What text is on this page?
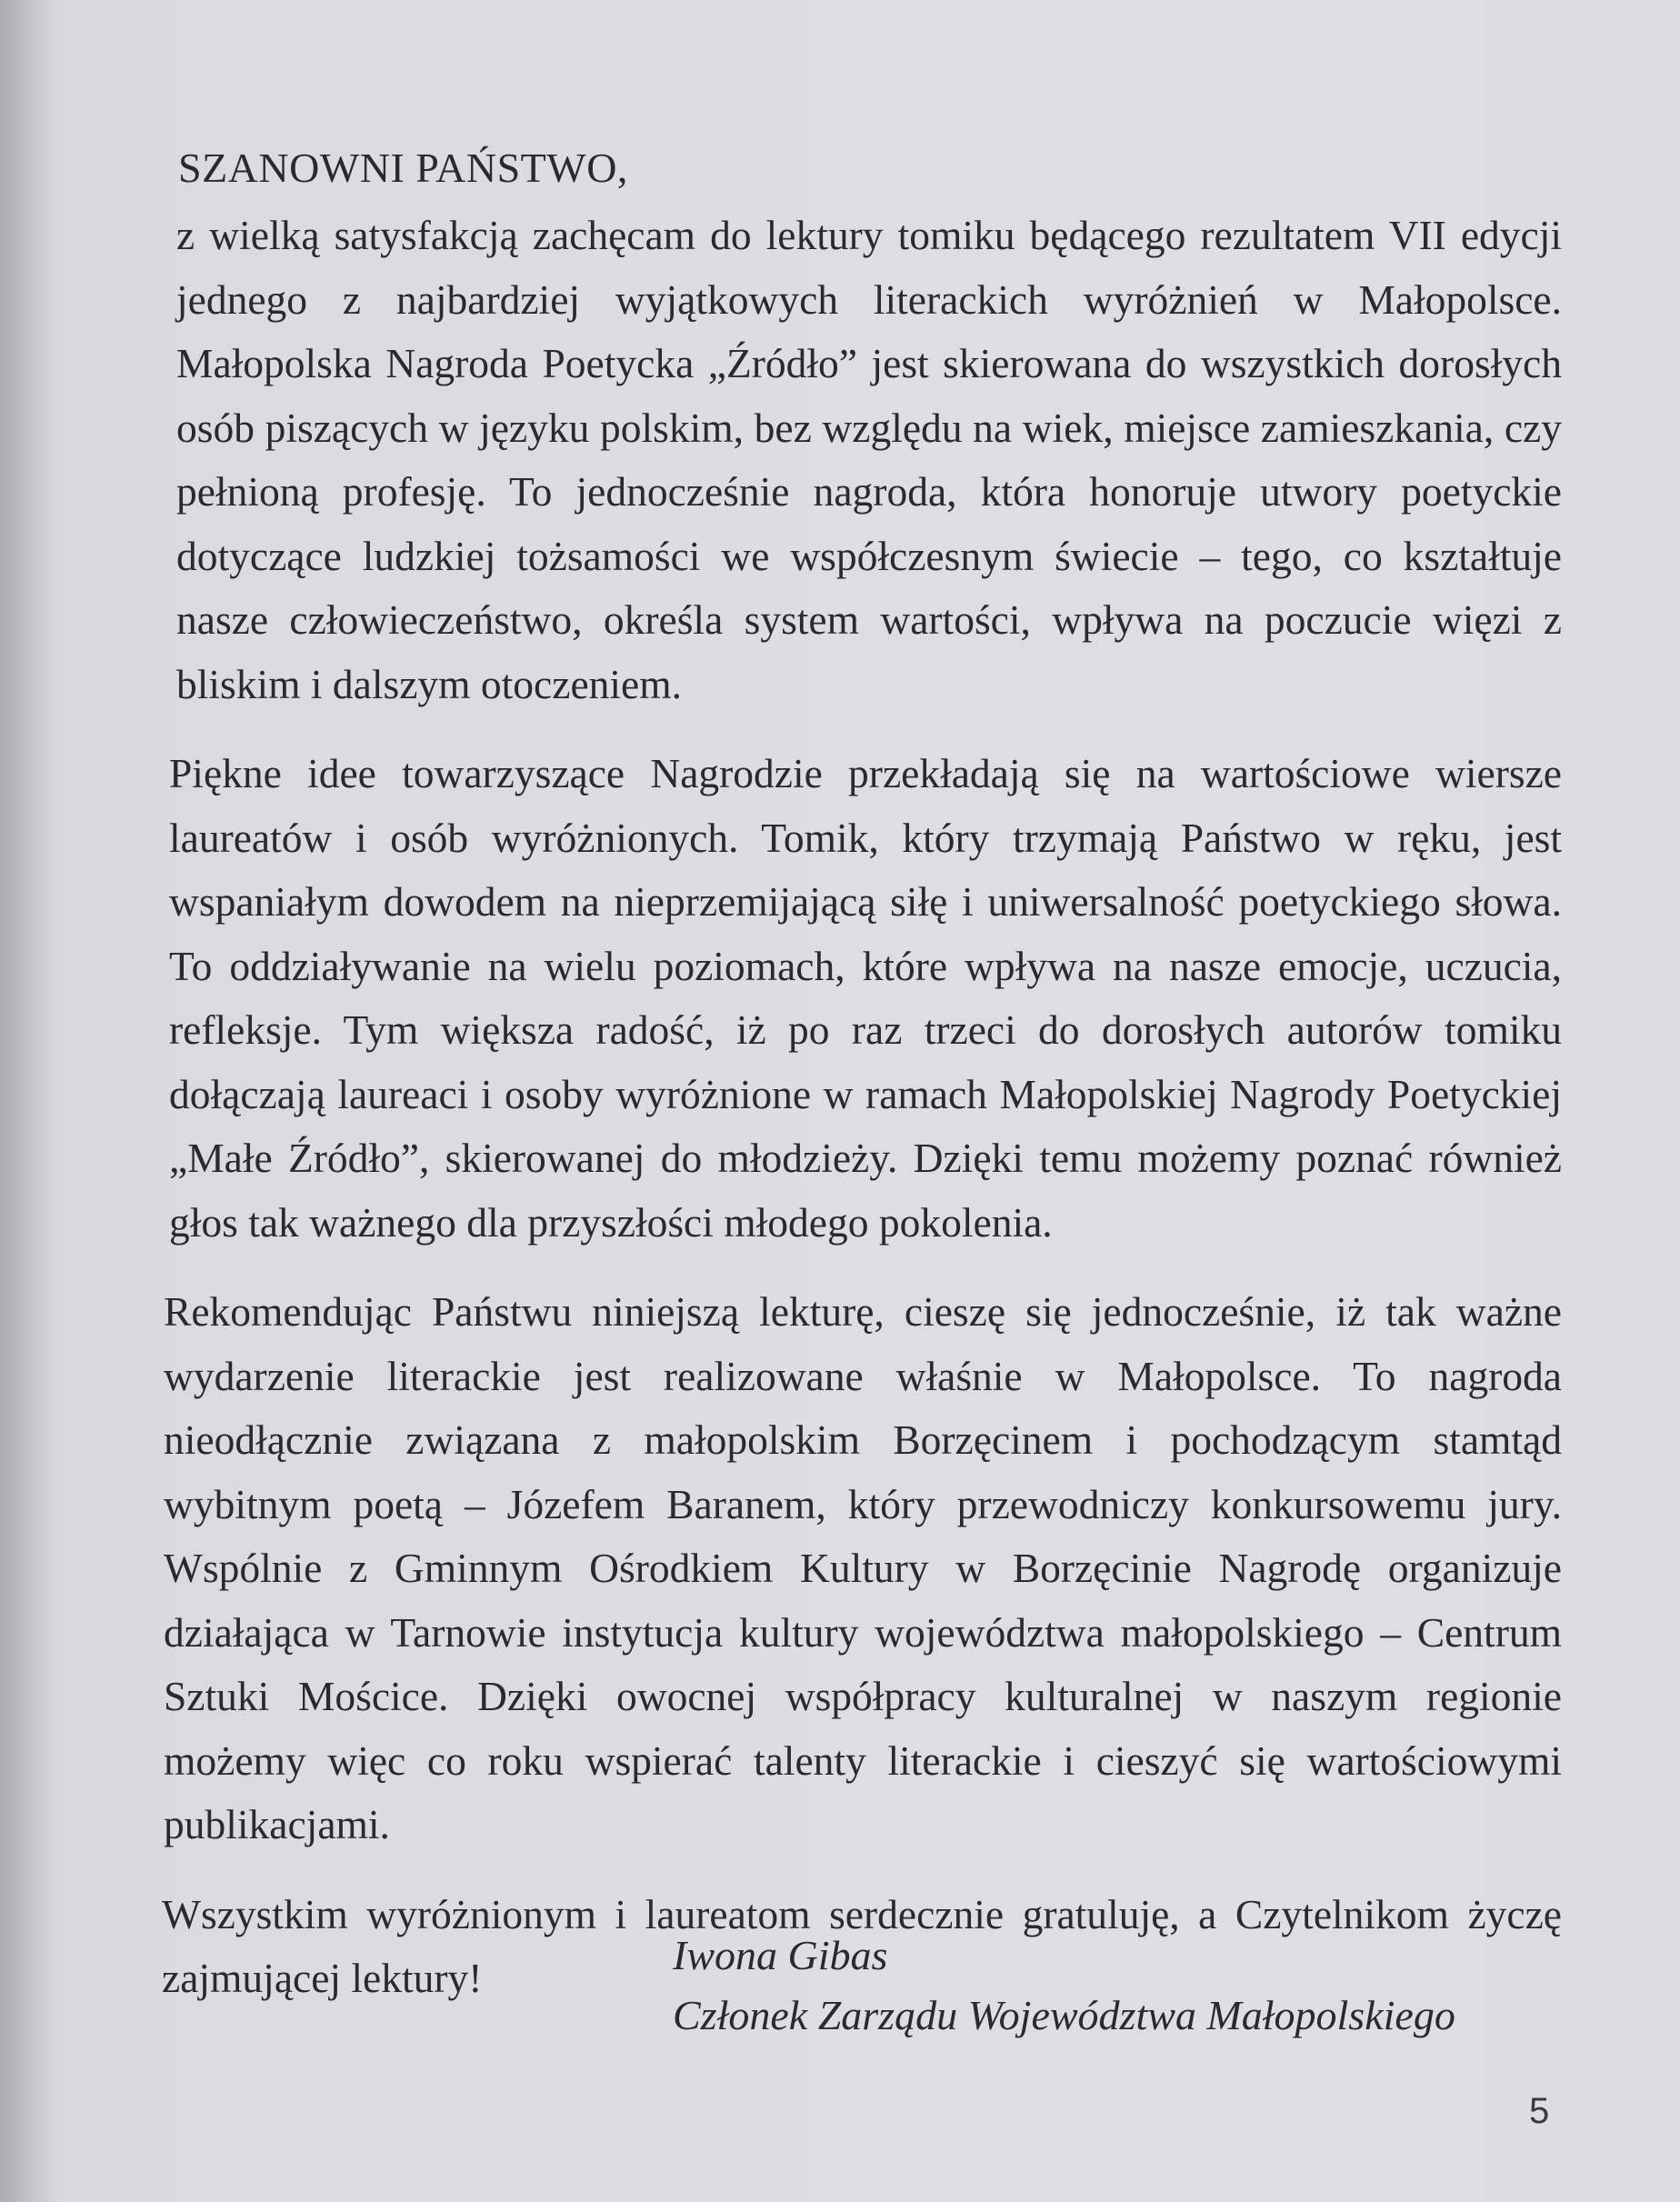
SZANOWNI PAŃSTWO,

z wielką satysfakcją zachęcam do lektury tomiku będącego rezultatem VII edycji jednego z najbardziej wyjątkowych literackich wyróżnień w Małopolsce. Małopolska Nagroda Poetycka „Źródło” jest skierowana do wszystkich dorosłych osób piszących w języku polskim, bez względu na wiek, miejsce zamieszkania, czy pełnioną profesję. To jednocześnie nagroda, która honoruje utwory poetyckie dotyczące ludzkiej tożsamości we współczesnym świecie – tego, co kształtuje nasze człowieczeństwo, określa system wartości, wpływa na poczucie więzi z bliskim i dalszym otoczeniem.

Piękne idee towarzyszące Nagrodzie przekładają się na wartościowe wiersze laureatów i osób wyróżnionych. Tomik, który trzymają Państwo w ręku, jest wspaniałym dowodem na nieprzemijającą siłę i uniwersalność poetyckiego słowa. To oddziaływanie na wielu poziomach, które wpływa na nasze emocje, uczucia, refleksje. Tym większa radość, iż po raz trzeci do dorosłych autorów tomiku dołączają laureaci i osoby wyróżnione w ramach Małopolskiej Nagrody Poetyckiej „Małe Źródło”, skierowanej do młodzieży. Dzięki temu możemy poznać również głos tak ważnego dla przyszłości młodego pokolenia.

Rekomendując Państwu niniejszą lekturę, cieszę się jednocześnie, iż tak ważne wydarzenie literackie jest realizowane właśnie w Małopolsce. To nagroda nieodłącznie związana z małopolskim Borzęcinem i pochodzącym stamtąd wybitnym poetą – Józefem Baranem, który przewodniczy konkursowemu jury. Wspólnie z Gminnym Ośrodkiem Kultury w Borzęcinie Nagrodę organizuje działająca w Tarnowie instytucja kultury województwa małopolskiego – Centrum Sztuki Mościce. Dzięki owocnej współpracy kulturalnej w naszym regionie możemy więc co roku wspierać talenty literackie i cieszyć się wartościowymi publikacjami.

Wszystkim wyróżnionym i laureatom serdecznie gratuluję, a Czytelnikom życzę zajmującej lektury!	Iwona Gibas
Członek Zarządu Województwa Małopolskiego
5
